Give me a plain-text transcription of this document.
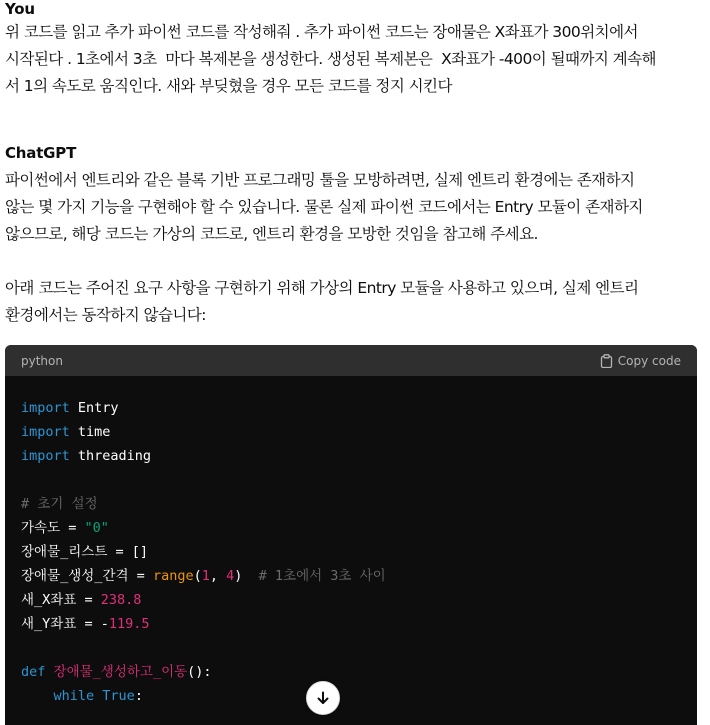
You
위 코드를 읽고 추가 파이썬 코드를 작성해줘 . 추가 파이썬 코드는 장애물은 X좌표가 300위치에서
시작된다 . 1초에서 3초  마다 복제본을 생성한다. 생성된 복제본은  X좌표가 -400이 될때까지 계속해
서 1의 속도로 움직인다. 새와 부딪혔을 경우 모든 코드를 정지 시킨다
ChatGPT
파이썬에서 엔트리와 같은 블록 기반 프로그래밍 툴을 모방하려면, 실제 엔트리 환경에는 존재하지
않는 몇 가지 기능을 구현해야 할 수 있습니다. 물론 실제 파이썬 코드에서는 Entry 모듈이 존재하지
않으므로, 해당 코드는 가상의 코드로, 엔트리 환경을 모방한 것임을 참고해 주세요.
아래 코드는 주어진 요구 사항을 구현하기 위해 가상의 Entry 모듈을 사용하고 있으며, 실제 엔트리
환경에서는 동작하지 않습니다:
python	Copy code
import Entry
import time
import threading
# 초기 설정
가속도 = "0"
장애물_리스트 = []
장애물_생성_간격 = range(1, 4)  # 1초에서 3초 사이
새_X좌표 = 238.8
새_Y좌표 = -119.5
def 장애물_생성하고_이동():
while True:
